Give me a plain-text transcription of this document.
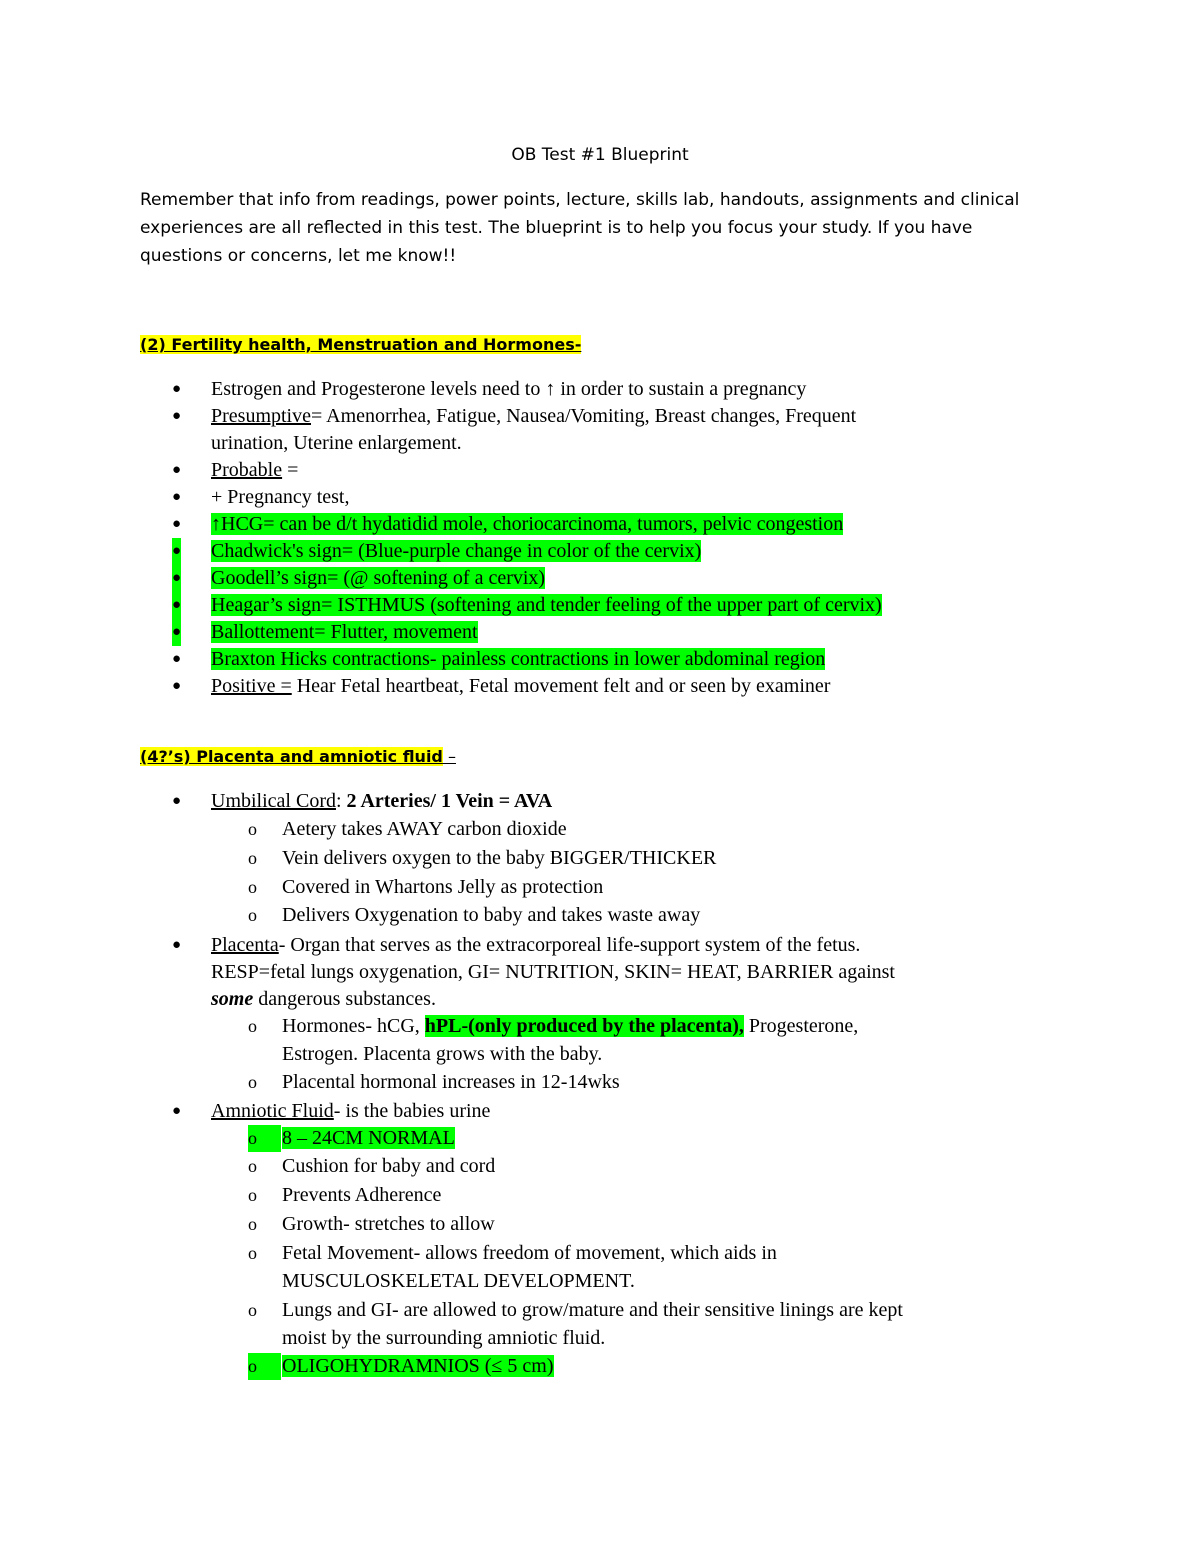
OB Test #1 Blueprint
Remember that info from readings, power points, lecture, skills lab, handouts, assignments and clinical experiences are all reflected in this test. The blueprint is to help you focus your study. If you have questions or concerns, let me know!!
(2) Fertility health, Menstruation and Hormones-
● Estrogen and Progesterone levels need to ↑ in order to sustain a pregnancy
● Presumptive= Amenorrhea, Fatigue, Nausea/Vomiting, Breast changes, Frequent
urination, Uterine enlargement.
● Probable =
● + Pregnancy test,
● ↑HCG= can be d/t hydatidid mole, choriocarcinoma, tumors, pelvic congestion
● Chadwick's sign= (Blue-purple change in color of the cervix)
● Goodell’s sign= (@ softening of a cervix)
● Heagar’s sign= ISTHMUS (softening and tender feeling of the upper part of cervix)
● Ballottement= Flutter, movement
● Braxton Hicks contractions- painless contractions in lower abdominal region
● Positive = Hear Fetal heartbeat, Fetal movement felt and or seen by examiner
(4?’s) Placenta and amniotic fluid –
● Umbilical Cord: 2 Arteries/ 1 Vein = AVA
o Aetery takes AWAY carbon dioxide
o Vein delivers oxygen to the baby BIGGER/THICKER
o Covered in Whartons Jelly as protection
o Delivers Oxygenation to baby and takes waste away
● Placenta- Organ that serves as the extracorporeal life-support system of the fetus.
RESP=fetal lungs oxygenation, GI= NUTRITION, SKIN= HEAT, BARRIER against
some dangerous substances.
o Hormones- hCG, hPL-(only produced by the placenta), Progesterone,
Estrogen. Placenta grows with the baby.
o Placental hormonal increases in 12-14wks
● Amniotic Fluid- is the babies urine
o	8 – 24CM NORMAL
o Cushion for baby and cord
o Prevents Adherence
o Growth- stretches to allow
o Fetal Movement- allows freedom of movement, which aids in
MUSCULOSKELETAL DEVELOPMENT.
o Lungs and GI- are allowed to grow/mature and their sensitive linings are kept
moist by the surrounding amniotic fluid.
o	OLIGOHYDRAMNIOS (≤ 5 cm)
